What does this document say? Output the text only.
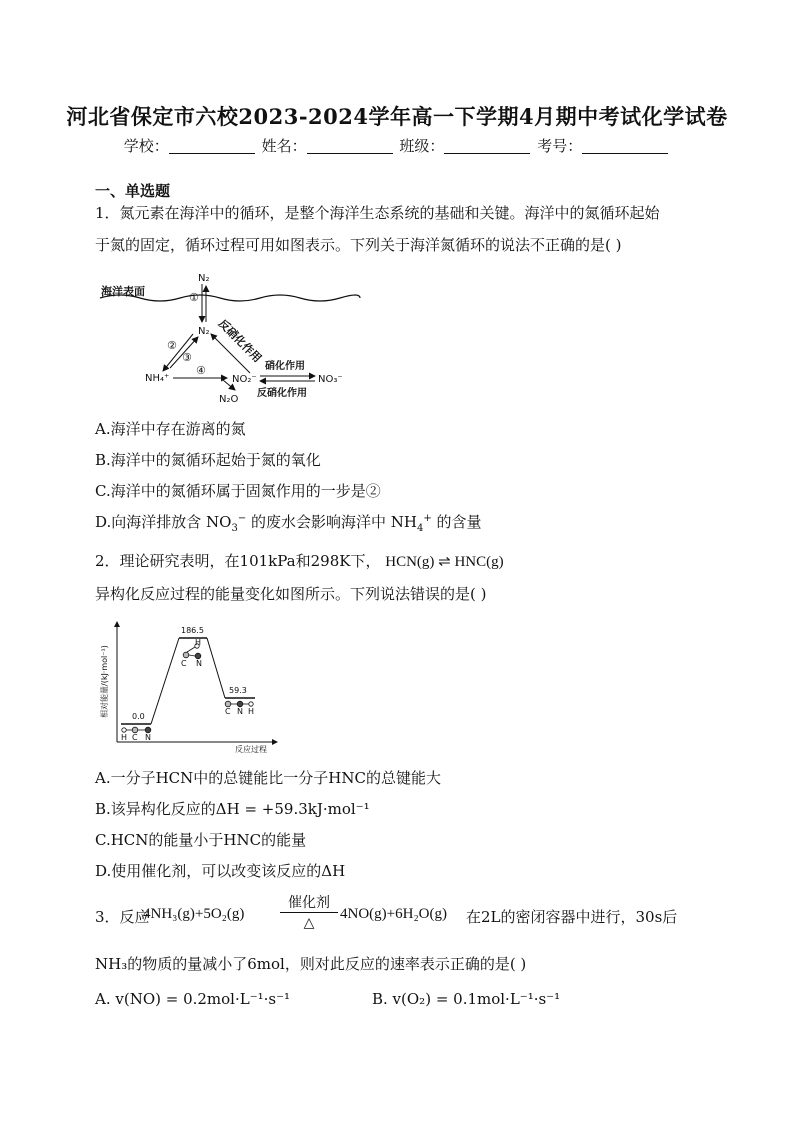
河北省保定市六校2023-2024学年高一下学期4月期中考试化学试卷
学校：	姓名：	班级：	考号：
一、单选题
1．氮元素在海洋中的循环，是整个海洋生态系统的基础和关键。海洋中的氮循环起始
于氮的固定，循环过程可用如图表示。下列关于海洋氮循环的说法不正确的是( )
海洋表面
N₂
①
N₂
②
③ 反硝化作用
NH₄⁺
④
NO₂⁻
N₂O
硝化作用
NO₃⁻
反硝化作用
A.海洋中存在游离的氮
B.海洋中的氮循环起始于氮的氧化
C.海洋中的氮循环属于固氮作用的一步是②
D.向海洋排放含 $NO_3^-$ 的废水会影响海洋中 $NH_4^+$ 的含量
2．理论研究表明，在101kPa和298K下， HCN(g) ⇌ HNC(g)
异构化反应过程的能量变化如图所示。下列说法错误的是( )
相对能量/(kJ·mol⁻¹)
反应过程
0.0
186.5
59.3
H C N
H
C N
C N H
A.一分子HCN中的总键能比一分子HNC的总键能大
B.该异构化反应的ΔH = +59.3kJ·mol⁻¹
C.HCN的能量小于HNC的能量
D.使用催化剂，可以改变该反应的ΔH
3．反应
4NH₃(g)+5O₂(g)
催化剂
△
4NO(g)+6H₂O(g) 在2L的密闭容器中进行，30s后
NH₃的物质的量减小了6mol，则对此反应的速率表示正确的是( )
A. v(NO) = 0.2mol·L⁻¹·s⁻¹	B. v(O₂) = 0.1mol·L⁻¹·s⁻¹
